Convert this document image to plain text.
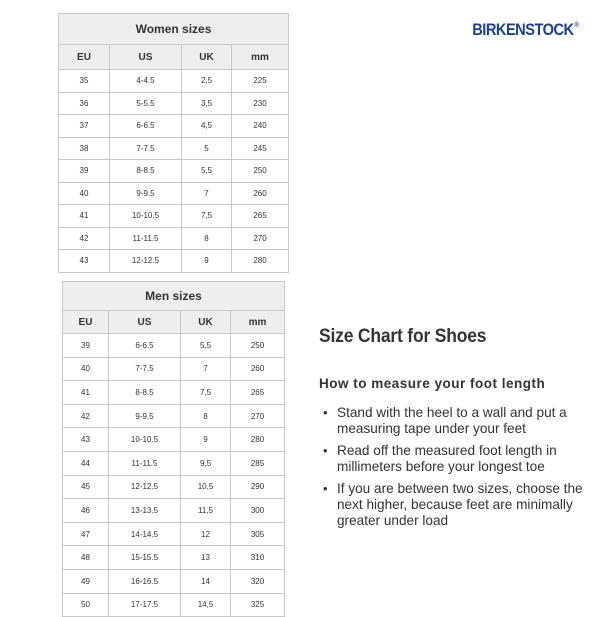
Women sizes			
EU	US	UK	mm
35	4-4.5	2,5	225
36	5-5.5	3,5	230
37	6-6.5	4,5	240
38	7-7.5	5	245
39	8-8.5	5,5	250
40	9-9.5	7	260
41	10-10.5	7,5	265
42	11-11.5	8	270
43	12-12.5	9	280
Men sizes			
EU	US	UK	mm
39	6-6.5	5,5	250
40	7-7.5	7	260
41	8-8.5	7,5	265
42	9-9.5	8	270
43	10-10.5	9	280
44	11-11.5	9,5	285
45	12-12.5	10,5	290
46	13-13.5	11,5	300
47	14-14.5	12	305
48	15-15.5	13	310
49	16-16.5	14	320
50	17-17.5	14,5	325
BIRKENSTOCK ®
Size Chart for Shoes
How to measure your foot length
• Stand with the heel to a wall and put a measuring tape under your feet
• Read off the measured foot length in millimeters before your longest toe
• If you are between two sizes, choose the next higher, because feet are minimally greater under load
